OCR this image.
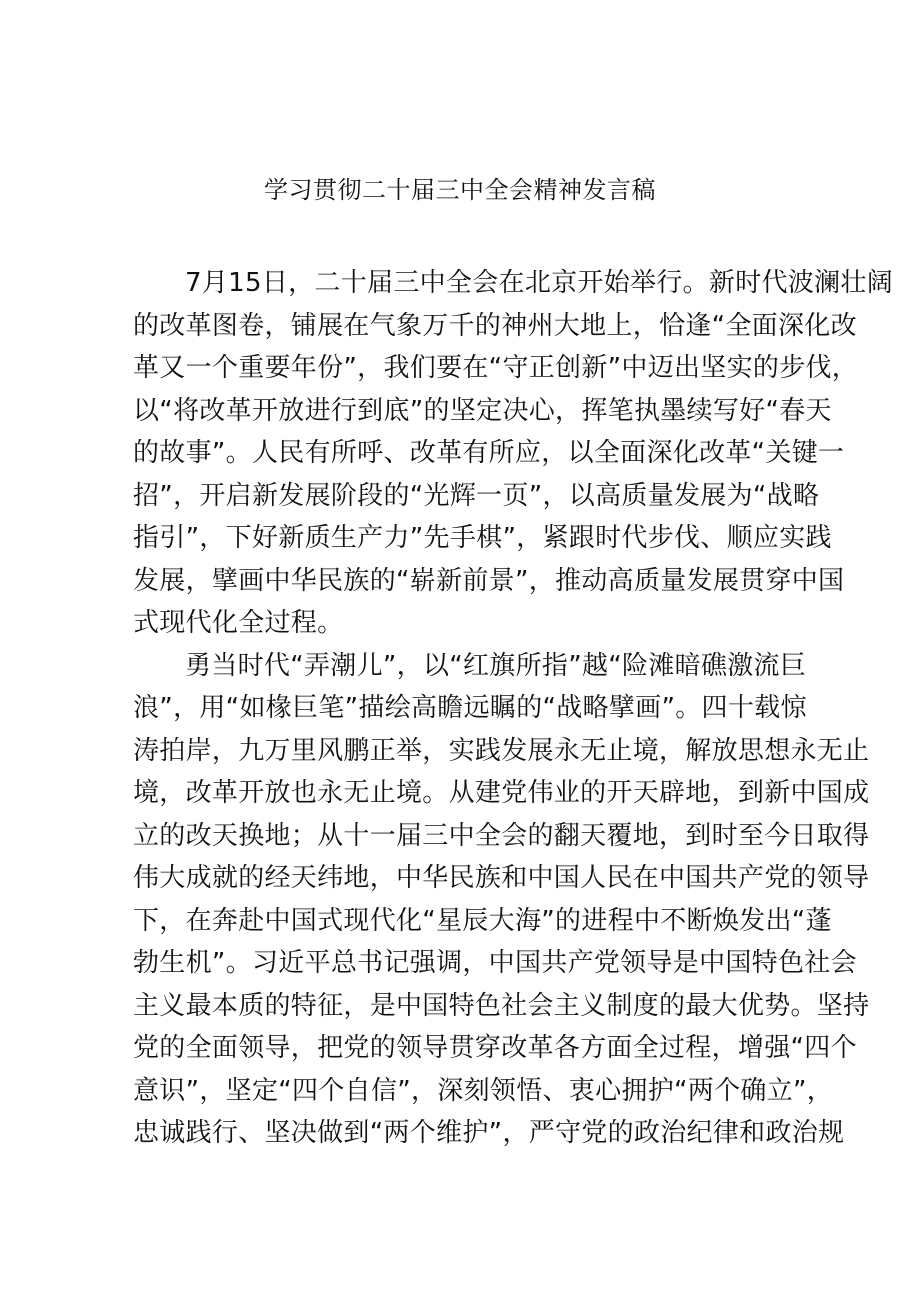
学习贯彻二十届三中全会精神发言稿
7月15日，二十届三中全会在北京开始举行。新时代波澜壮阔
的改革图卷，铺展在气象万千的神州大地上，恰逢“全面深化改
革又一个重要年份”，我们要在“守正创新”中迈出坚实的步伐，
以“将改革开放进行到底”的坚定决心，挥笔执墨续写好“春天
的故事”。人民有所呼、改革有所应，以全面深化改革“关键一
招”，开启新发展阶段的“光辉一页”，以高质量发展为“战略
指引”，下好新质生产力”先手棋”，紧跟时代步伐、顺应实践
发展，擘画中华民族的“崭新前景”，推动高质量发展贯穿中国
式现代化全过程。
勇当时代“弄潮儿”，以“红旗所指”越“险滩暗礁激流巨
浪”，用“如椽巨笔”描绘高瞻远瞩的“战略擘画”。四十载惊
涛拍岸，九万里风鹏正举，实践发展永无止境，解放思想永无止
境，改革开放也永无止境。从建党伟业的开天辟地，到新中国成
立的改天换地；从十一届三中全会的翻天覆地，到时至今日取得
伟大成就的经天纬地，中华民族和中国人民在中国共产党的领导
下，在奔赴中国式现代化“星辰大海”的进程中不断焕发出“蓬
勃生机”。习近平总书记强调，中国共产党领导是中国特色社会
主义最本质的特征，是中国特色社会主义制度的最大优势。坚持
党的全面领导，把党的领导贯穿改革各方面全过程，增强“四个
意识”，坚定“四个自信”，深刻领悟、衷心拥护“两个确立”，
忠诚践行、坚决做到“两个维护”，严守党的政治纪律和政治规
